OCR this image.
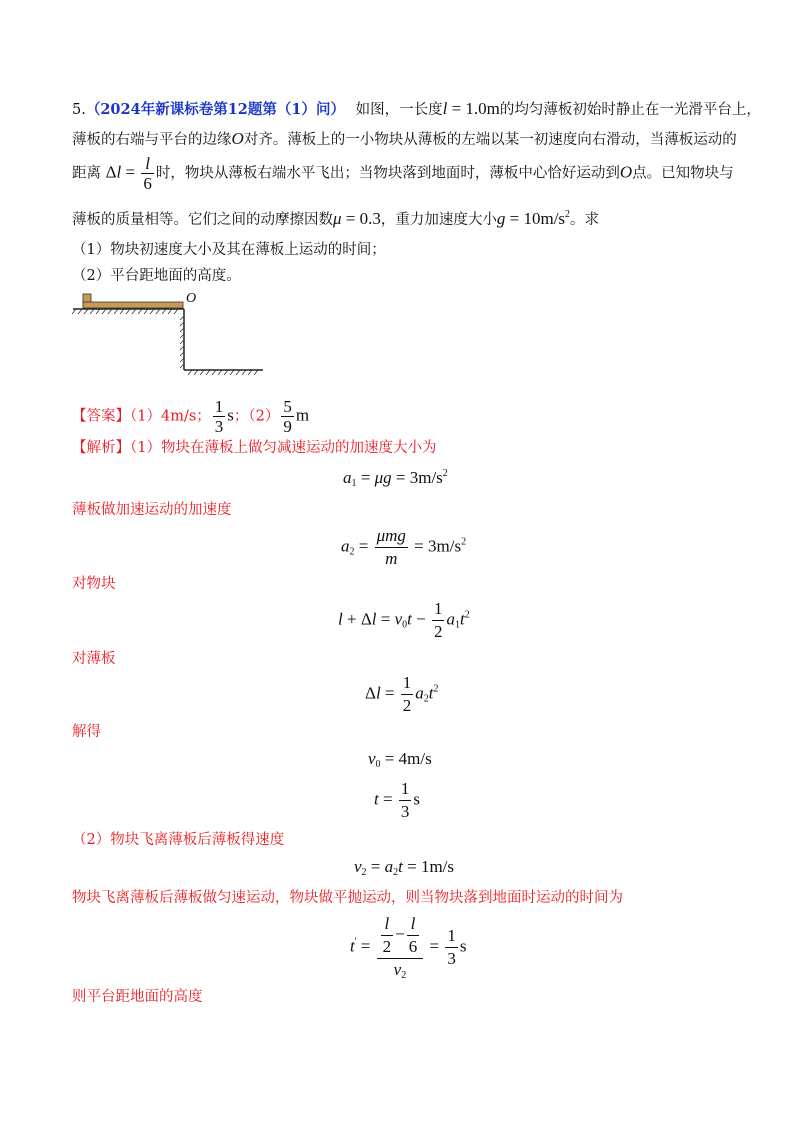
5.（2024年新课标卷第12题第（1）问） 如图，一长度l = 1.0m的均匀薄板初始时静止在一光滑平台上，
薄板的右端与平台的边缘O对齐。薄板上的一小物块从薄板的左端以某一初速度向右滑动，当薄板运动的
距离 $\Delta l = \frac{l}{6}$ 时，物块从薄板右端水平飞出；当物块落到地面时，薄板中心恰好运动到O点。已知物块与
薄板的质量相等。它们之间的动摩擦因数μ = 0.3，重力加速度大小$g = 10m/s^2$。求
（1）物块初速度大小及其在薄板上运动的时间；
（2）平台距地面的高度。
O
【答案】（1）4m/s； $\frac{1}{3}$ s；$(2) \frac{5}{9}$ m
【解析】（1）物块在薄板上做匀减速运动的加速度大小为
$a_1 = \mu g = 3m/s^2$
薄板做加速运动的加速度
$a_2 = \frac{\text{μmg}}{m} = 3m/s^2$
对物块
$l + \Delta l = v_0t - \frac{1}{2} a_1t^2$
对薄板
$\Delta l = \frac{1}{2} a_2t^2$
解得
$v_0 = 4m/s$
$t = \frac{1}{3}$ s
（2）物块飞离薄板后薄板得速度
$v_2 = a_2t = 1m/s$
物块飞离薄板后薄板做匀速运动，物块做平抛运动，则当物块落到地面时运动的时间为
$t' = \frac{\frac{l}{2} - \frac{l}{6}}{v_2} = \frac{1}{3}$ s
则平台距地面的高度
